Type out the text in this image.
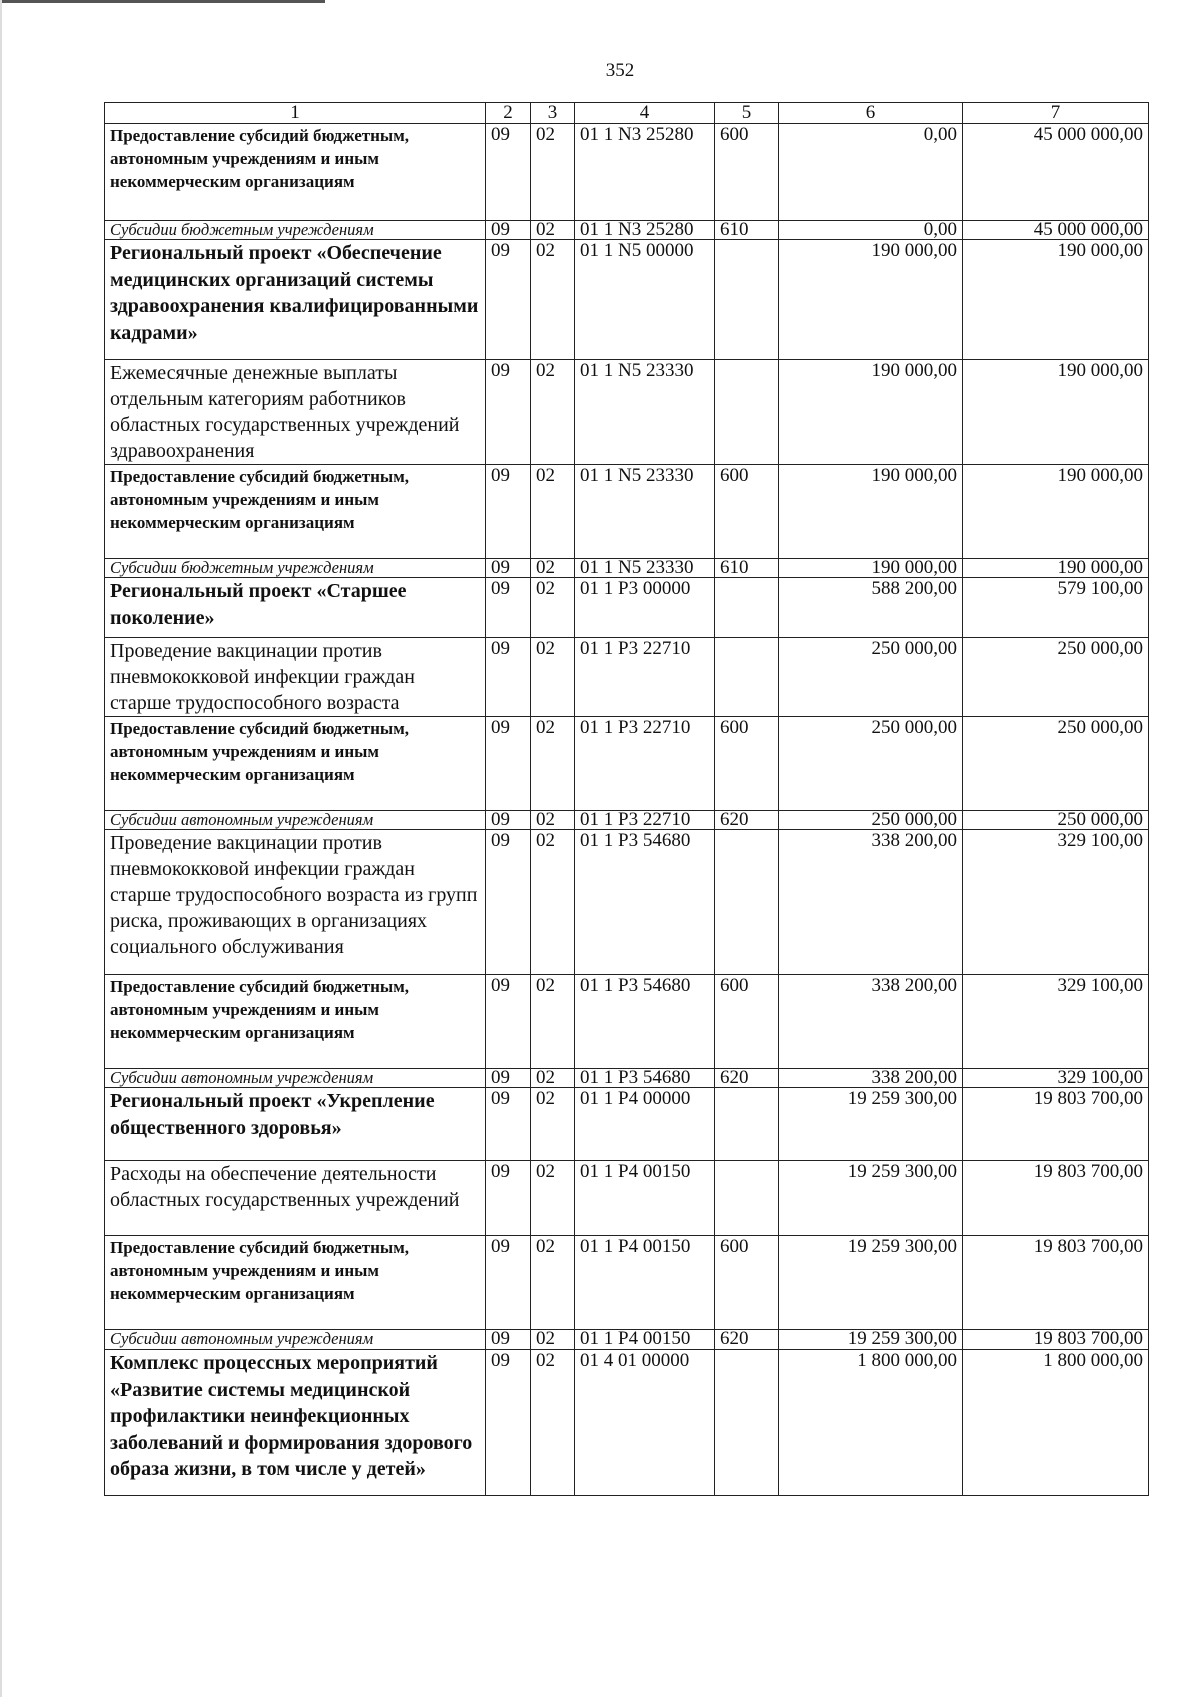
352
1	2	3	4	5	6	7
Предоставление субсидий бюджетным, автономным учреждениям и иным некоммерческим организациям	09	02	01 1 N3 25280	600	0,00	45 000 000,00
Субсидии бюджетным учреждениям	09	02	01 1 N3 25280	610	0,00	45 000 000,00
Региональный проект «Обеспечение медицинских организаций системы здравоохранения квалифицированными кадрами»	09	02	01 1 N5 00000		190 000,00	190 000,00
Ежемесячные денежные выплаты отдельным категориям работников областных государственных учреждений здравоохранения	09	02	01 1 N5 23330		190 000,00	190 000,00
Предоставление субсидий бюджетным, автономным учреждениям и иным некоммерческим организациям	09	02	01 1 N5 23330	600	190 000,00	190 000,00
Субсидии бюджетным учреждениям	09	02	01 1 N5 23330	610	190 000,00	190 000,00
Региональный проект «Старшее поколение»	09	02	01 1 P3 00000		588 200,00	579 100,00
Проведение вакцинации против пневмококковой инфекции граждан старше трудоспособного возраста	09	02	01 1 P3 22710		250 000,00	250 000,00
Предоставление субсидий бюджетным, автономным учреждениям и иным некоммерческим организациям	09	02	01 1 P3 22710	600	250 000,00	250 000,00
Субсидии автономным учреждениям	09	02	01 1 P3 22710	620	250 000,00	250 000,00
Проведение вакцинации против пневмококковой инфекции граждан старше трудоспособного возраста из групп риска, проживающих в организациях социального обслуживания	09	02	01 1 P3 54680		338 200,00	329 100,00
Предоставление субсидий бюджетным, автономным учреждениям и иным некоммерческим организациям	09	02	01 1 P3 54680	600	338 200,00	329 100,00
Субсидии автономным учреждениям	09	02	01 1 P3 54680	620	338 200,00	329 100,00
Региональный проект «Укрепление общественного здоровья»	09	02	01 1 P4 00000		19 259 300,00	19 803 700,00
Расходы на обеспечение деятельности областных государственных учреждений	09	02	01 1 P4 00150		19 259 300,00	19 803 700,00
Предоставление субсидий бюджетным, автономным учреждениям и иным некоммерческим организациям	09	02	01 1 P4 00150	600	19 259 300,00	19 803 700,00
Субсидии автономным учреждениям	09	02	01 1 P4 00150	620	19 259 300,00	19 803 700,00
Комплекс процессных мероприятий «Развитие системы медицинской профилактики неинфекционных заболеваний и формирования здорового образа жизни, в том числе у детей»	09	02	01 4 01 00000		1 800 000,00	1 800 000,00
